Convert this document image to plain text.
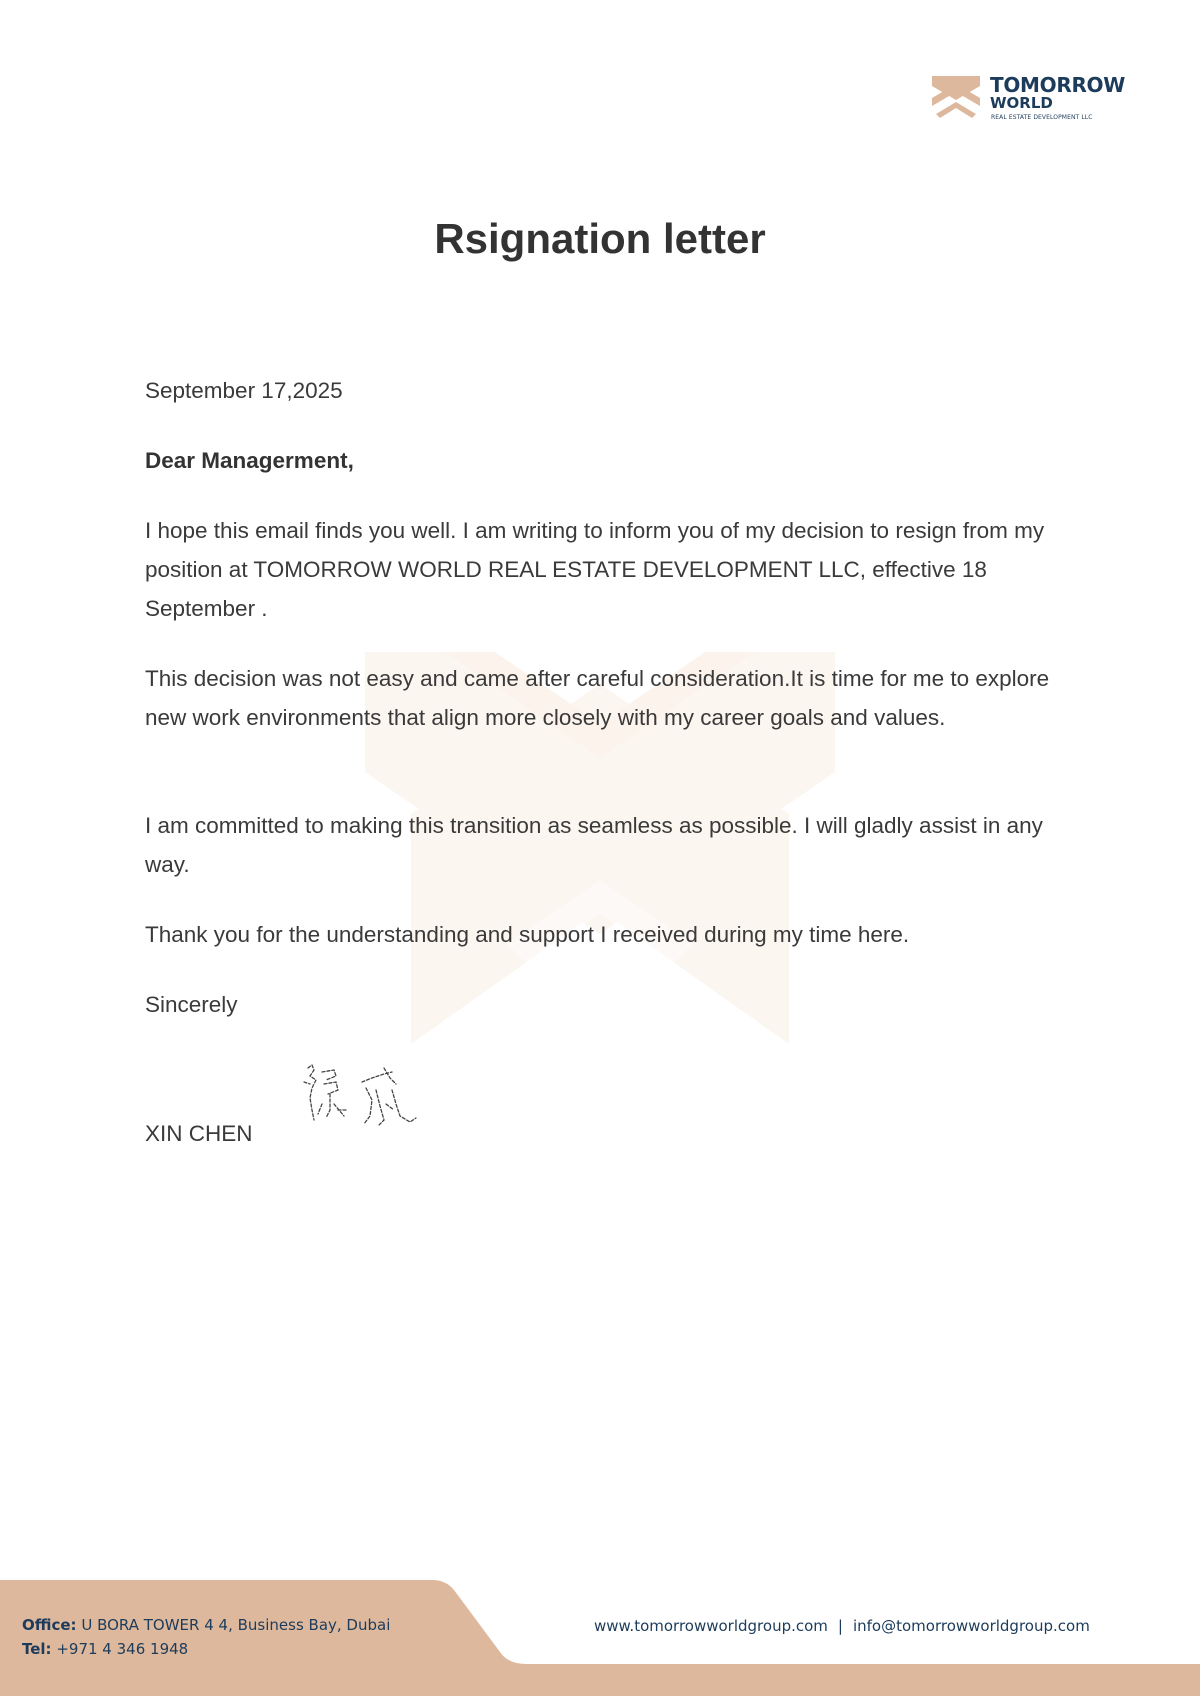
TOMORROW
WORLD
REAL ESTATE DEVELOPMENT LLC
Rsignation letter

September 17,2025

Dear Managerment,

I hope this email finds you well. I am writing to inform you of my decision to resign from my position at TOMORROW WORLD REAL ESTATE DEVELOPMENT LLC, effective 18 September .

This decision was not easy and came after careful consideration.It is time for me to explore new work environments that align more closely with my career goals and values.

I am committed to making this transition as seamless as possible. I will gladly assist in any way.

Thank you for the understanding and support I received during my time here.

Sincerely

XIN CHEN

Office: U BORA TOWER 4 4, Business Bay, Dubai
Tel: +971 4 346 1948
www.tomorrowworldgroup.com | info@tomorrowworldgroup.com
